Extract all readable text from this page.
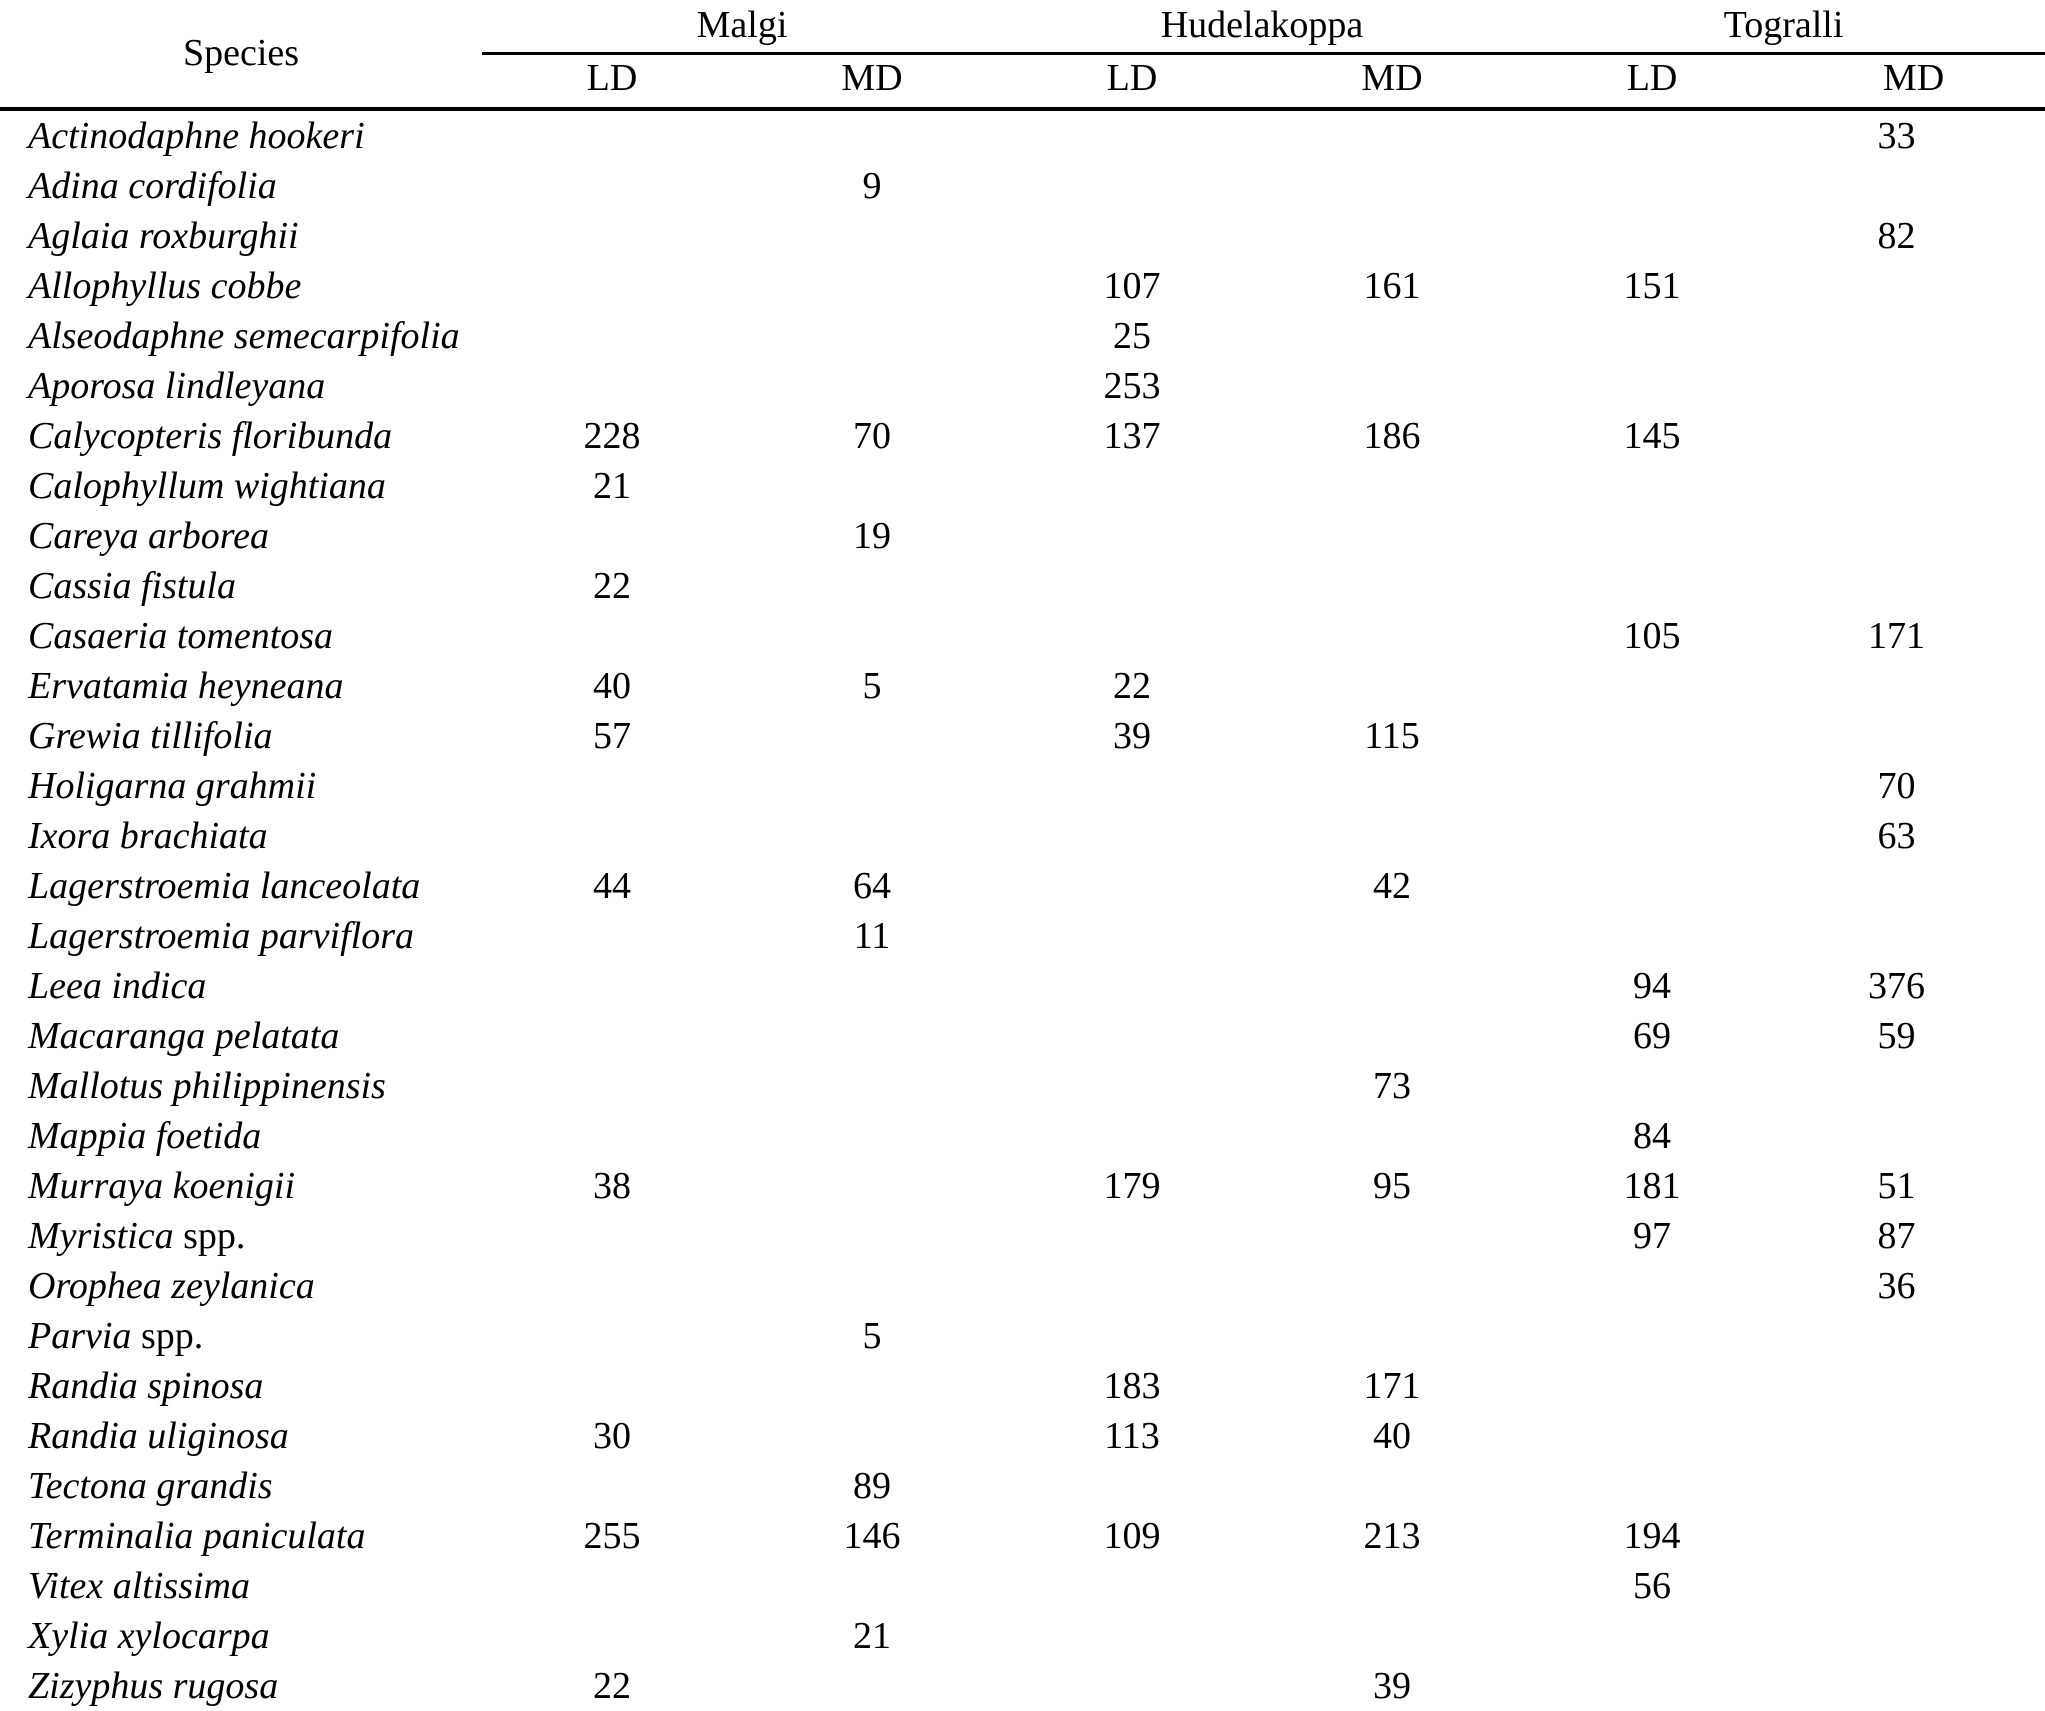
Species	Malgi		Hudelakoppa		Togralli	

	LD	MD	LD	MD	LD	MD

Actinodaphne hookeri						33
Adina cordifolia		9				
Aglaia roxburghii						82
Allophyllus cobbe			107	161	151	
Alseodaphne semecarpifolia			25			
Aporosa lindleyana			253			
Calycopteris floribunda	228	70	137	186	145	
Calophyllum wightiana	21					
Careya arborea		19				
Cassia fistula	22					
Casaeria tomentosa					105	171
Ervatamia heyneana	40	5	22			
Grewia tillifolia	57		39	115		
Holigarna grahmii						70
Ixora brachiata						63
Lagerstroemia lanceolata	44	64		42		
Lagerstroemia parviflora		11				
Leea indica					94	376
Macaranga pelatata					69	59
Mallotus philippinensis				73		
Mappia foetida					84	
Murraya koenigii	38		179	95	181	51
Myristica spp.					97	87
Orophea zeylanica						36
Parvia spp.		5				
Randia spinosa			183	171		
Randia uliginosa	30		113	40		
Tectona grandis		89				
Terminalia paniculata	255	146	109	213	194	
Vitex altissima					56	
Xylia xylocarpa		21				
Zizyphus rugosa	22			39		
